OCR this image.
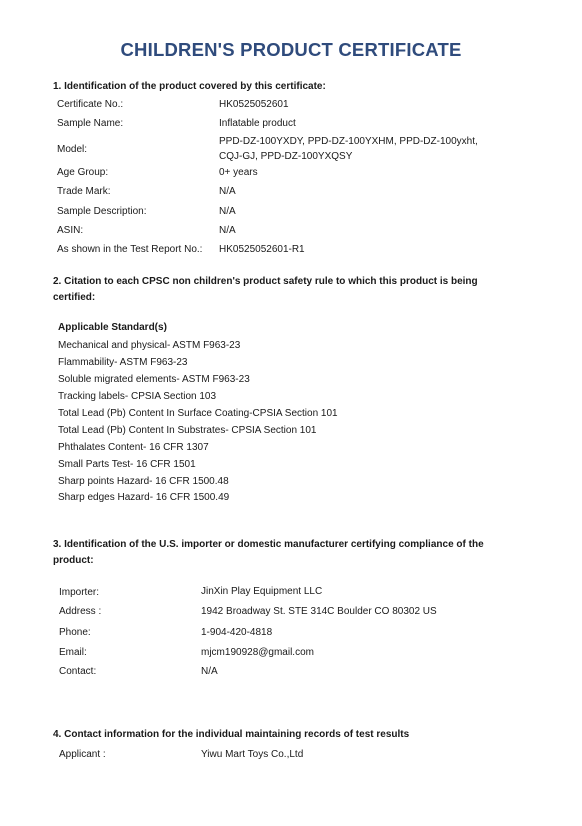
CHILDREN'S PRODUCT CERTIFICATE
1. Identification of the product covered by this certificate:
Certificate No.:	HK0525052601
Sample Name:	Inflatable product
Model:
PPD-DZ-100YXDY, PPD-DZ-100YXHM, PPD-DZ-100yxht,
CQJ-GJ, PPD-DZ-100YXQSY
Age Group:	0+ years
Trade Mark:	N/A
Sample Description:	N/A
ASIN:	N/A
As shown in the Test Report No.: HK0525052601-R1
2. Citation to each CPSC non children's product safety rule to which this product is being
certified:
Applicable Standard(s)
Mechanical and physical- ASTM F963-23
Flammability- ASTM F963-23
Soluble migrated elements- ASTM F963-23
Tracking labels- CPSIA Section 103
Total Lead (Pb) Content In Surface Coating-CPSIA Section 101
Total Lead (Pb) Content In Substrates- CPSIA Section 101
Phthalates Content- 16 CFR 1307
Small Parts Test- 16 CFR 1501
Sharp points Hazard- 16 CFR 1500.48
Sharp edges Hazard- 16 CFR 1500.49
3. Identification of the U.S. importer or domestic manufacturer certifying compliance of the
product:
Importer:	JinXin Play Equipment LLC
Address :	1942 Broadway St. STE 314C Boulder CO 80302 US
Phone:	1-904-420-4818
Email:	mjcm190928@gmail.com
Contact:	N/A
4. Contact information for the individual maintaining records of test results
Applicant :	Yiwu Mart Toys Co.,Ltd
